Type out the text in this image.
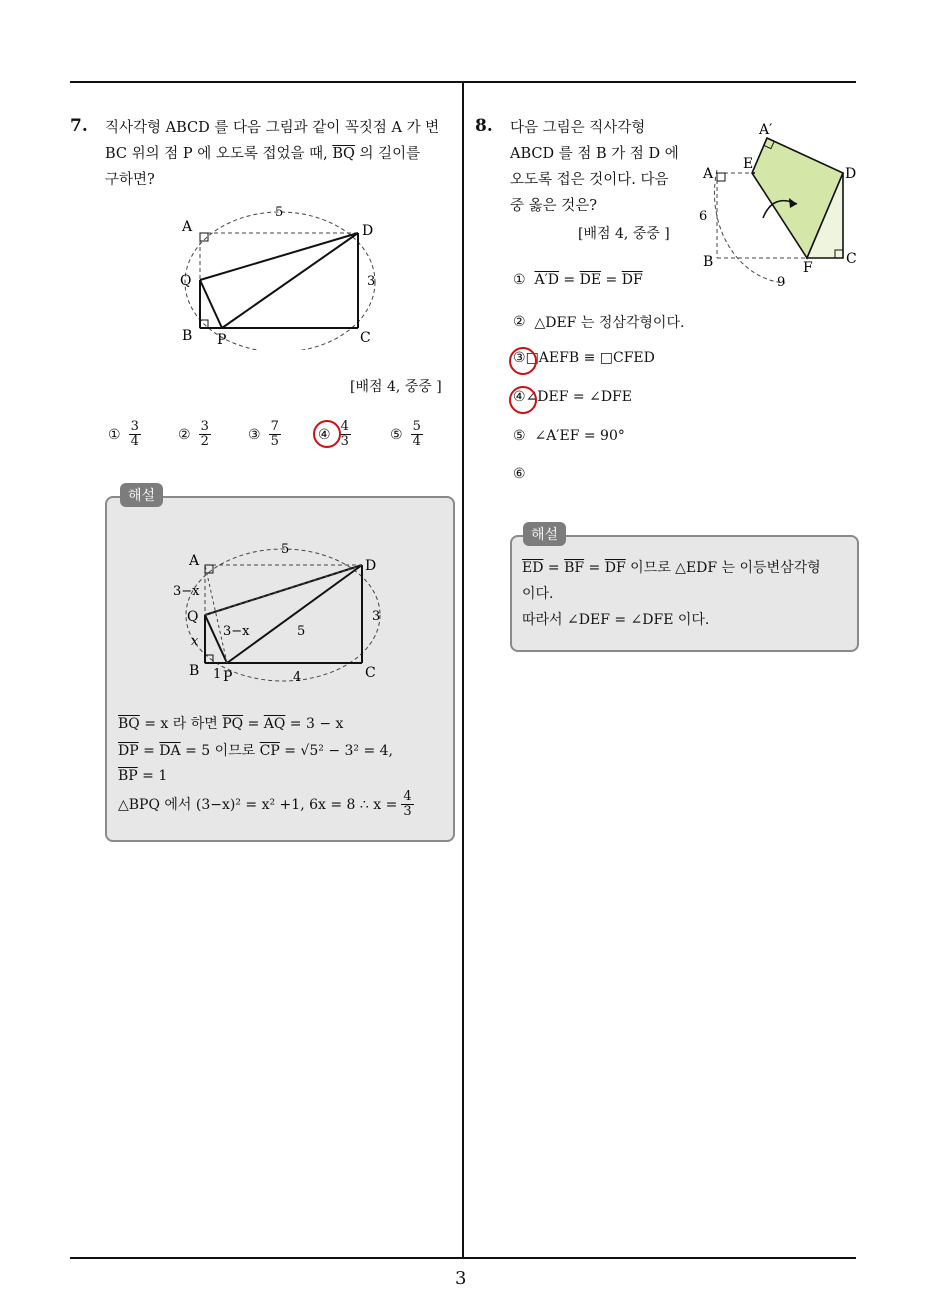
3
7. 직사각형 ABCD 를 다음 그림과 같이 꼭짓점 A 가 변
BC 위의 점 P 에 오도록 접었을 때, $\overline{BQ}$ 의 길이를
구하면?
A	D
Q
B P	C
5
3
[배점 4, 중중 ]
① $\frac{3}{4}$	② $\frac{3}{2}$	③ $\frac{7}{5}$	④ $\frac{4}{3}$	⑤ $\frac{5}{4}$
해설
A	D
Q
B P	C
5
3
4
1
3−x
x
3−x	5
$\overline{BQ} = x$ 라 하면 $\overline{PQ} = \overline{AQ} = 3 - x$
$\overline{DP} = \overline{DA} = 5$ 이므로 $\overline{CP} = √5^2 - 3^2 = 4$,
$\overline{BP} = 1$
△BPQ 에서 (3−x)² = x² +1, 6x = 8 ∴ $x = \frac{4}{3}$
8. 다음 그림은 직사각형
ABCD 를 점 B 가 점 D 에
오도록 접은 것이다. 다음
중 옳은 것은?
[배점 4, 중중 ]
A′
E
A	D
6
B	F
C
9
①
$A'D = \overline{DE} = \overline{DF}$
②
△DEF 는 정삼각형이다.
③ □AEFB ≡ □CFED
④ ∠DEF = ∠DFE
⑤
∠A′EF = 90°
⑥

해설
$\overline{ED} = \overline{BF} = \overline{DF}$ 이므로 △EDF 는 이등변삼각형
이다.
따라서 ∠DEF = ∠DFE 이다.
